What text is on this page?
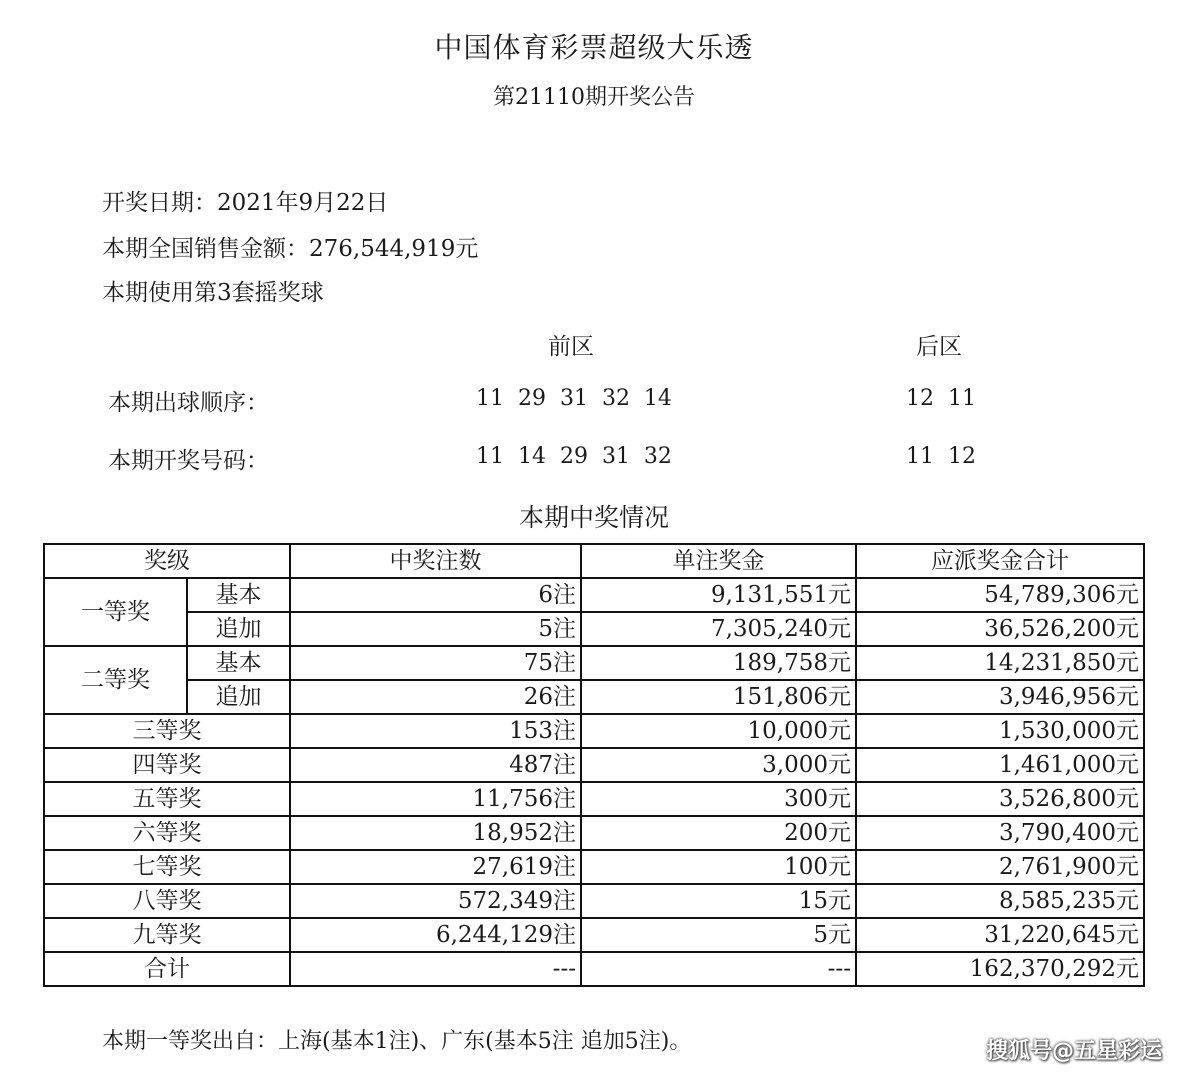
中国体育彩票超级大乐透
第21110期开奖公告
开奖日期：2021年9月22日
本期全国销售金额：276,544,919元
本期使用第3套摇奖球
前区	后区
本期出球顺序：	11  29  31  32  14	12  11
本期开奖号码：	11  14  29  31  32	11  12
本期中奖情况
奖级		中奖注数	单注奖金	应派奖金合计
一等奖	基本	6注	9,131,551元	54,789,306元
	追加	5注	7,305,240元	36,526,200元
二等奖	基本	75注	189,758元	14,231,850元
	追加	26注	151,806元	3,946,956元
三等奖		153注	10,000元	1,530,000元
四等奖		487注	3,000元	1,461,000元
五等奖		11,756注	300元	3,526,800元
六等奖		18,952注	200元	3,790,400元
七等奖		27,619注	100元	2,761,900元
八等奖		572,349注	15元	8,585,235元
九等奖		6,244,129注	5元	31,220,645元
合计		---	---	162,370,292元
本期一等奖出自：上海(基本1注)、广东(基本5注 追加5注)。	搜狐号@五星彩运
